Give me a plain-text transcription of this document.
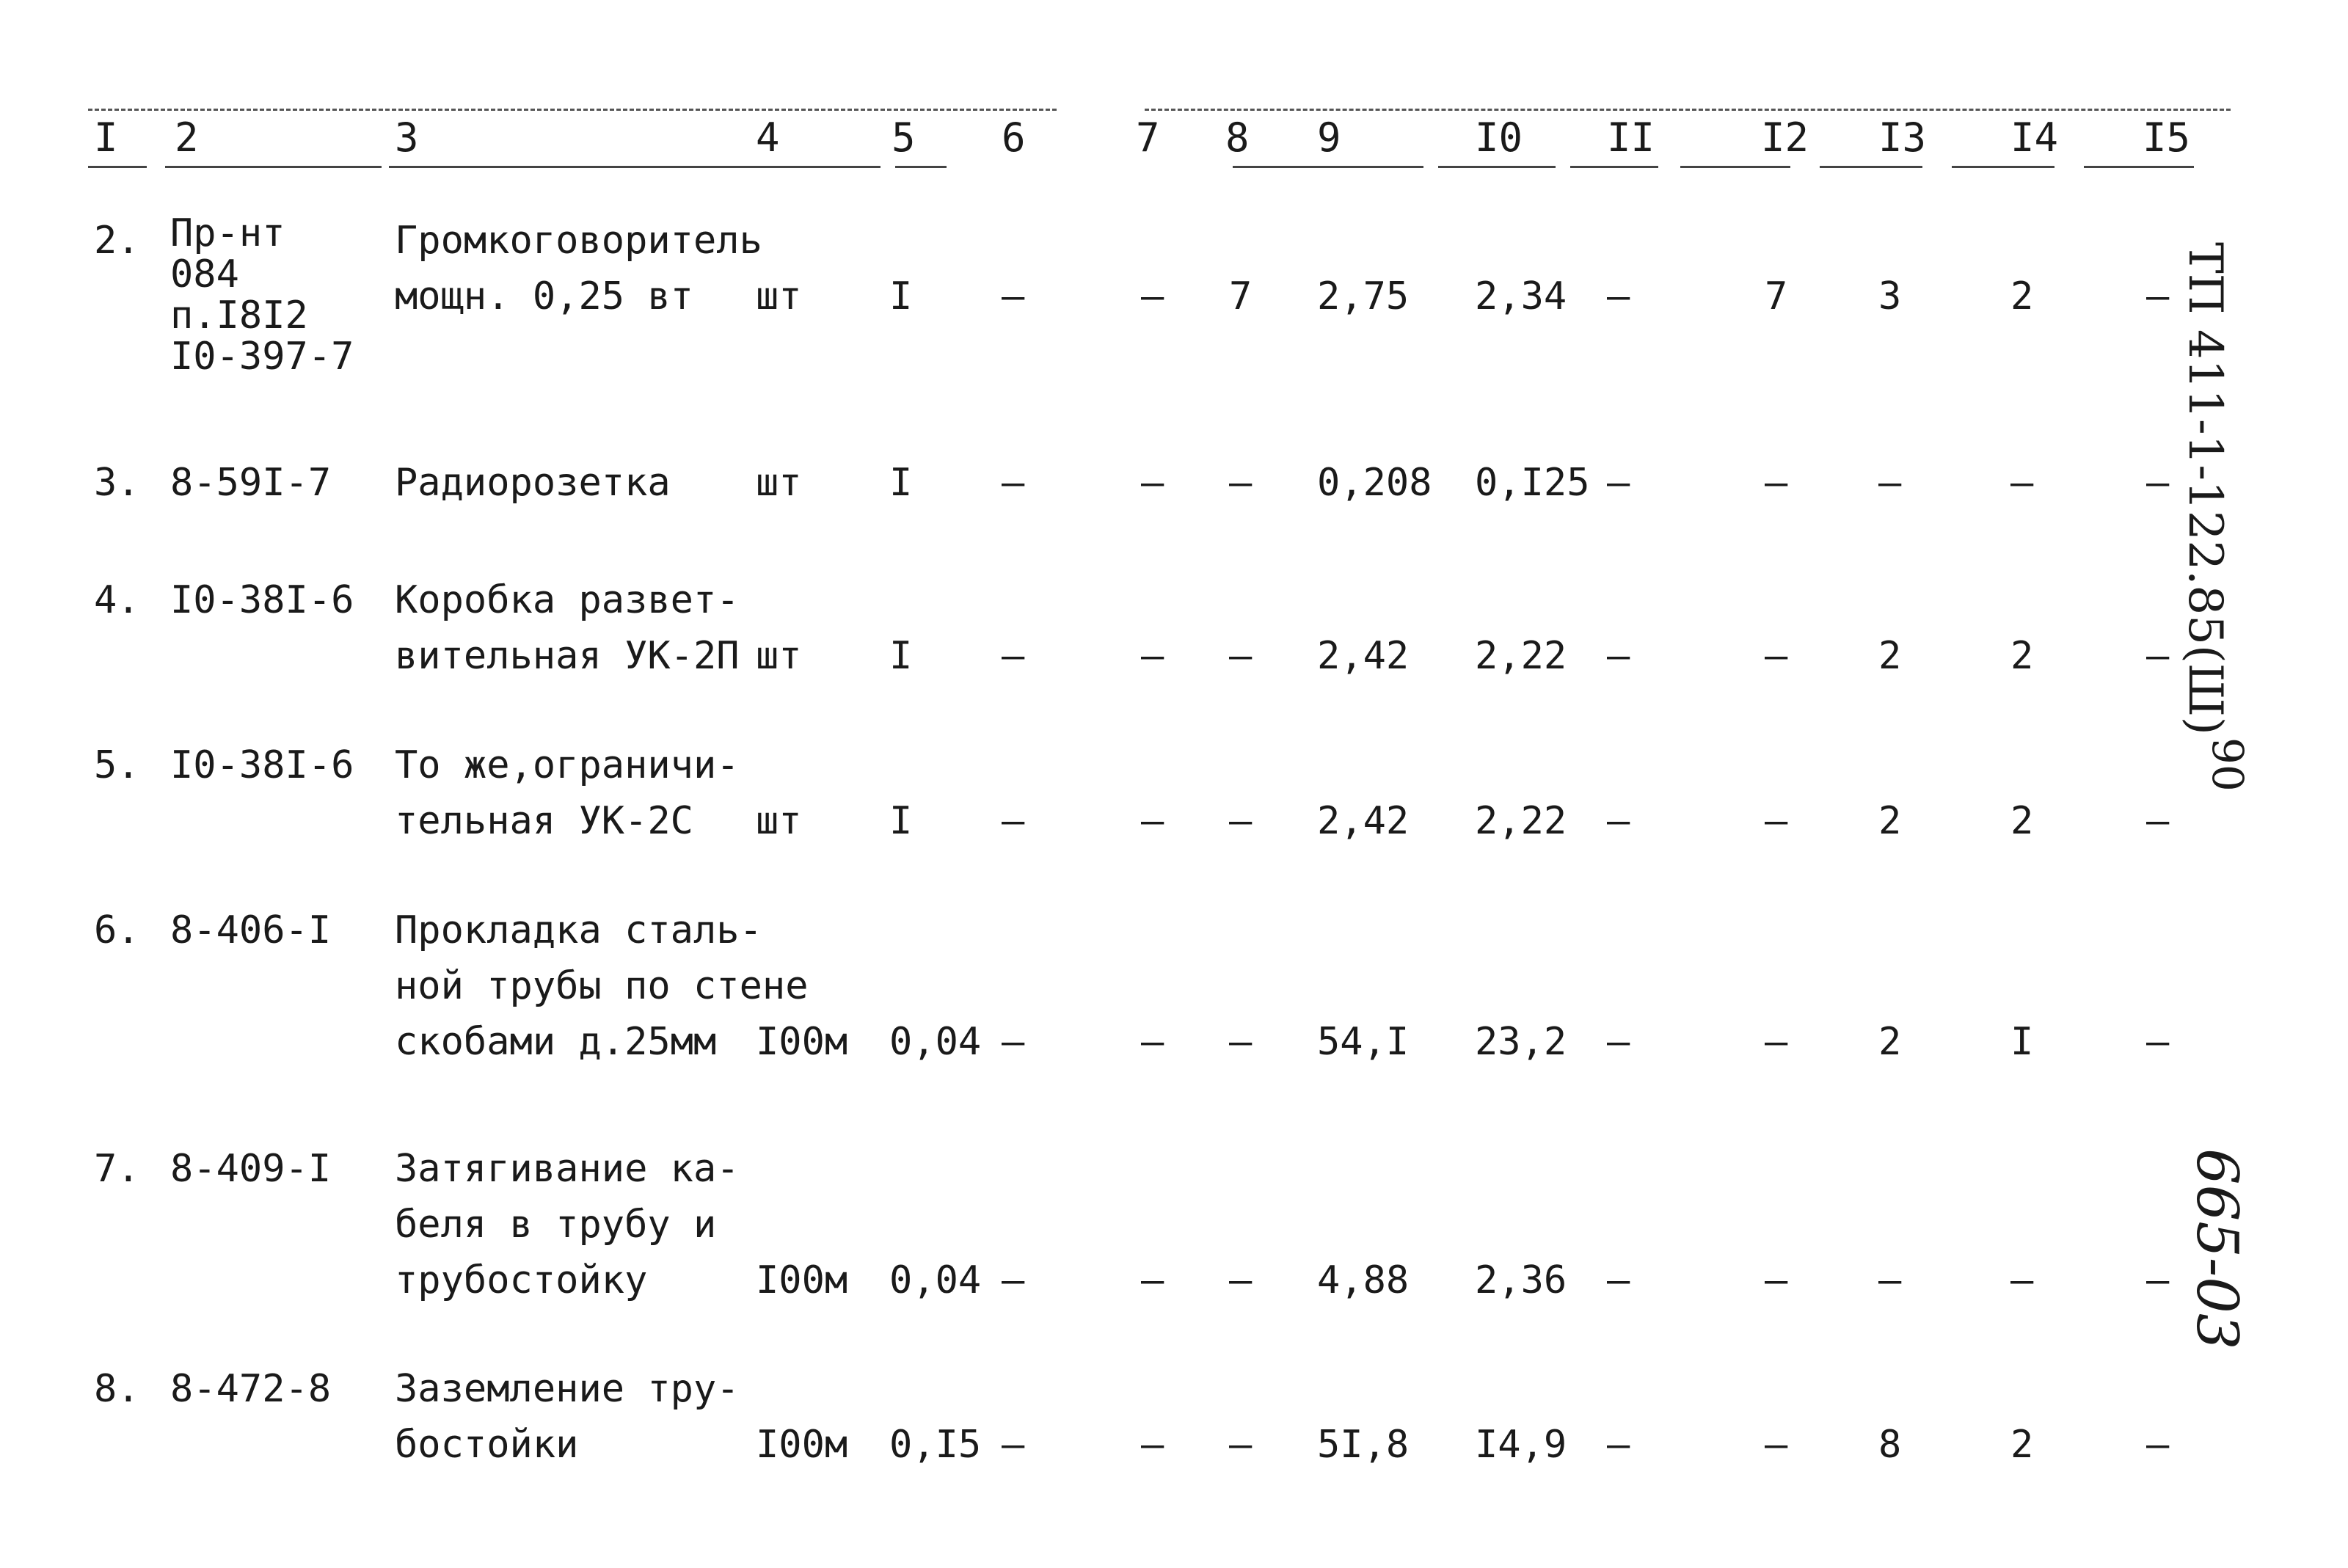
I 2	3	4	5 6	7 8 9	I0 II	I2 I3 I4 I5
2. Пр-нт
084
п.I8I2
I0-397-7
Громкоговоритель
мощн. 0,25 вт шт I –	– 7 2,75 2,34 –	7 3	2	–
3. 8-59I-7 Радиорозетка шт I –	– – 0,208 0,I25 –	– –	–	–
4. I0-38I-6 Коробка развет-
вительная УК-2П шт I –	– – 2,42 2,22 –	– 2	2	–
5. I0-38I-6 То же,ограничи-
тельная УК-2С шт I –	– – 2,42 2,22 –	– 2	2	–
6. 8-406-I Прокладка сталь-
ной трубы по стене
скобами д.25мм I00м 0,04 –	– – 54,I 23,2 –	– 2	I	–
7. 8-409-I Затягивание ка-
беля в трубу и
трубостойку	I00м 0,04 –	– – 4,88 2,36 –	– –	–	–
8. 8-472-8 Заземление тру-
бостойки	I00м 0,I5 –	– – 5I,8 I4,9 –	– 8	2	–
ТП 411-1-122.85(Ш)
90
665-03
